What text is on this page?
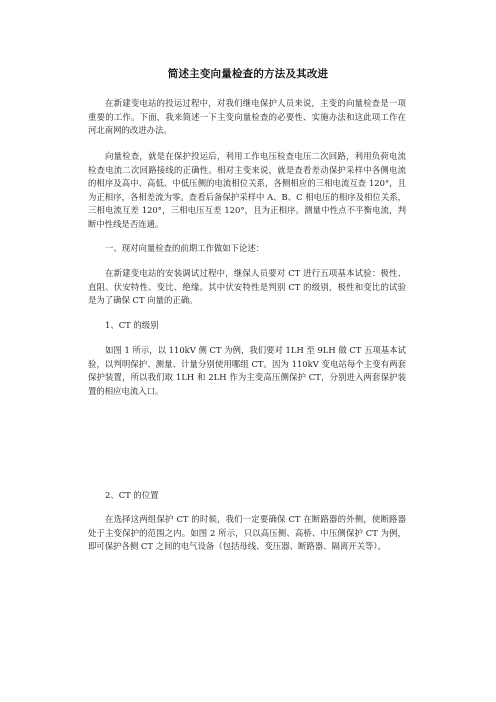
简述主变向量检查的方法及其改进

在新建变电站的投运过程中，对我们继电保护人员来说，主变的向量检查是一项重要的工作。下面，我来简述一下主变向量检查的必要性、实施办法和这此项工作在河北南网的改进办法。

向量检查，就是在保护投运后，利用工作电压检查电压二次回路，利用负荷电流检查电流二次回路接线的正确性。相对主变来说，就是查看差动保护采样中各侧电流的相序及高中、高低、中低压侧的电流相位关系，各侧相应的三相电流互查 120°，且为正相序，各相差流为零。查看后备保护采样中 A、B、C 相电压的相序及相位关系，三相电流互差 120°，三相电压互差 120°，且为正相序。测量中性点不平衡电流，判断中性线是否连通。

一、现对向量检查的前期工作做如下论述：

在新建变电站的安装调试过程中，继保人员要对 CT 进行五项基本试验：极性、直阻、伏安特性、变比、绝缘。其中伏安特性是判别 CT 的级别，极性和变比的试验是为了确保 CT 向量的正确。

1、CT 的级别

如图 1 所示，以 110kV 侧 CT 为例，我们要对 1LH 至 9LH 做 CT 五项基本试验，以判明保护、测量、计量分别使用哪组 CT。因为 110kV 变电站每个主变有两套保护装置，所以我们取 1LH 和 2LH 作为主变高压侧保护 CT，分别进入两套保护装置的相应电流入口。

2、CT 的位置

在选择这两组保护 CT 的时候，我们一定要确保 CT 在断路器的外侧，使断路器处于主变保护的范围之内。如图 2 所示，只以高压侧、高桥、中压侧保护 CT 为例，即可保护各侧 CT 之间的电气设备（包括母线、变压器、断路器、隔离开关等）。
